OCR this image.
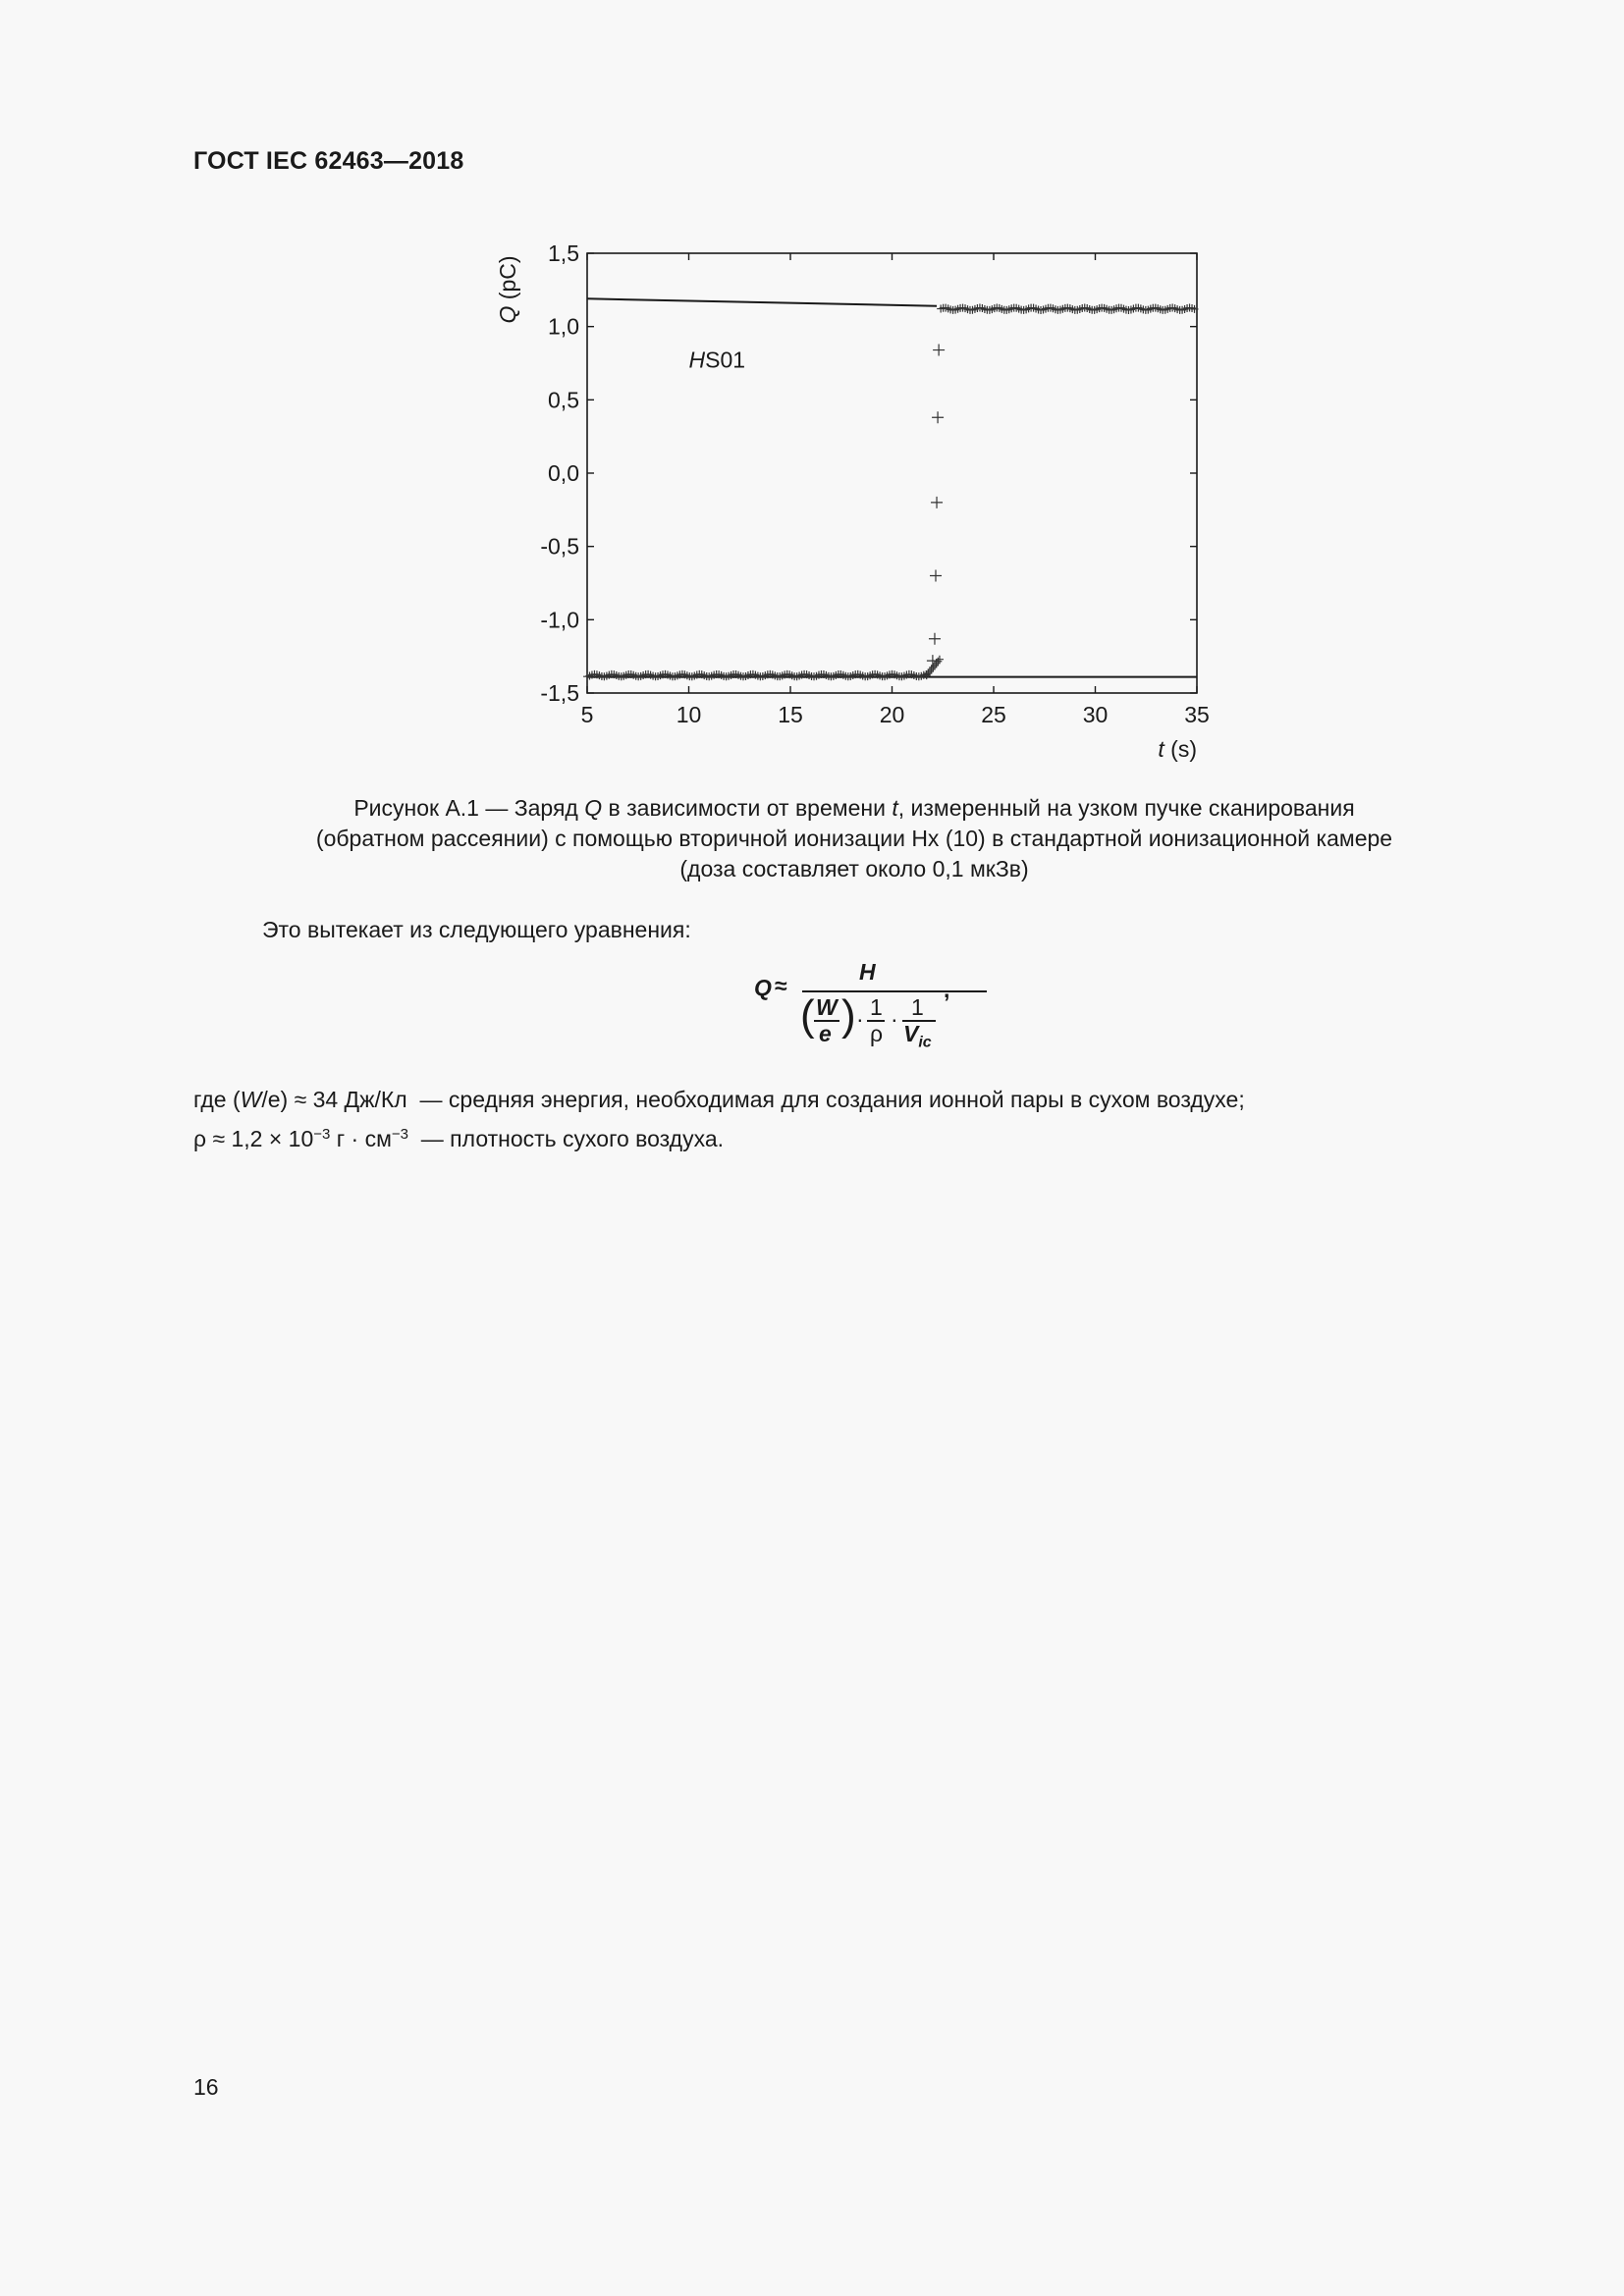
ГОСТ IEC 62463—2018
5	10	15	20	25	30	35
1,5
1,0
0,5
0,0
-0,5
-1,0
-1,5
t (s)
Q (pC)
HS01
Рисунок А.1 — Заряд Q в зависимости от времени t, измеренный на узком пучке сканирования
(обратном рассеянии) с помощью вторичной ионизации Hх (10) в стандартной ионизационной камере
(доза составляет около 0,1 мкЗв)
Это вытекает из следующего уравнения:
Q ≈
H
,
( W
e ) · 1
ρ
· 1
$V_{ic}$
где (W/e) ≈ 34 Дж/Кл — средняя энергия, необходимая для создания ионной пары в сухом воздухе;
$\rho \approx 1,2 \times 10^{-3}$ $г \cdot см^{-3}$ — плотность сухого воздуха.
16
